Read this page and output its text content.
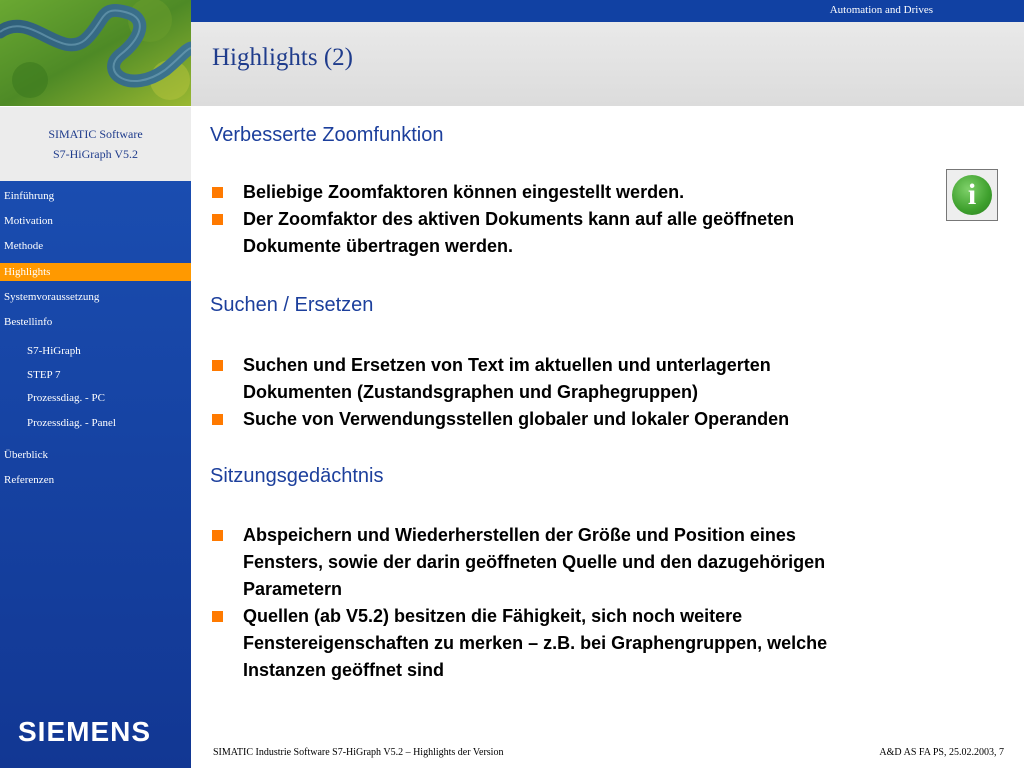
SIMATIC Software
S7-HiGraph V5.2
Einführung
Motivation
Methode
Highlights
Systemvoraussetzung
Bestellinfo
S7-HiGraph
STEP 7
Prozessdiag. - PC
Prozessdiag. - Panel
Überblick
Referenzen
SIEMENS
Automation and Drives
Highlights (2)
Verbesserte Zoomfunktion
Beliebige Zoomfaktoren können eingestellt werden.
Der Zoomfaktor des aktiven Dokuments kann auf alle geöffneten
Dokumente übertragen werden.
Suchen / Ersetzen
Suchen und Ersetzen von Text im aktuellen und unterlagerten
Dokumenten (Zustandsgraphen und Graphegruppen)
Suche von Verwendungsstellen globaler und lokaler Operanden
Sitzungsgedächtnis
Abspeichern und Wiederherstellen der Größe und Position eines
Fensters, sowie der darin geöffneten Quelle und den dazugehörigen
Parametern
Quellen (ab V5.2) besitzen die Fähigkeit, sich noch weitere
Fenstereigenschaften zu merken – z.B. bei Graphengruppen, welche
Instanzen geöffnet sind
i
SIMATIC Industrie Software S7-HiGraph V5.2 – Highlights der Version	A&D AS FA PS, 25.02.2003, 7
